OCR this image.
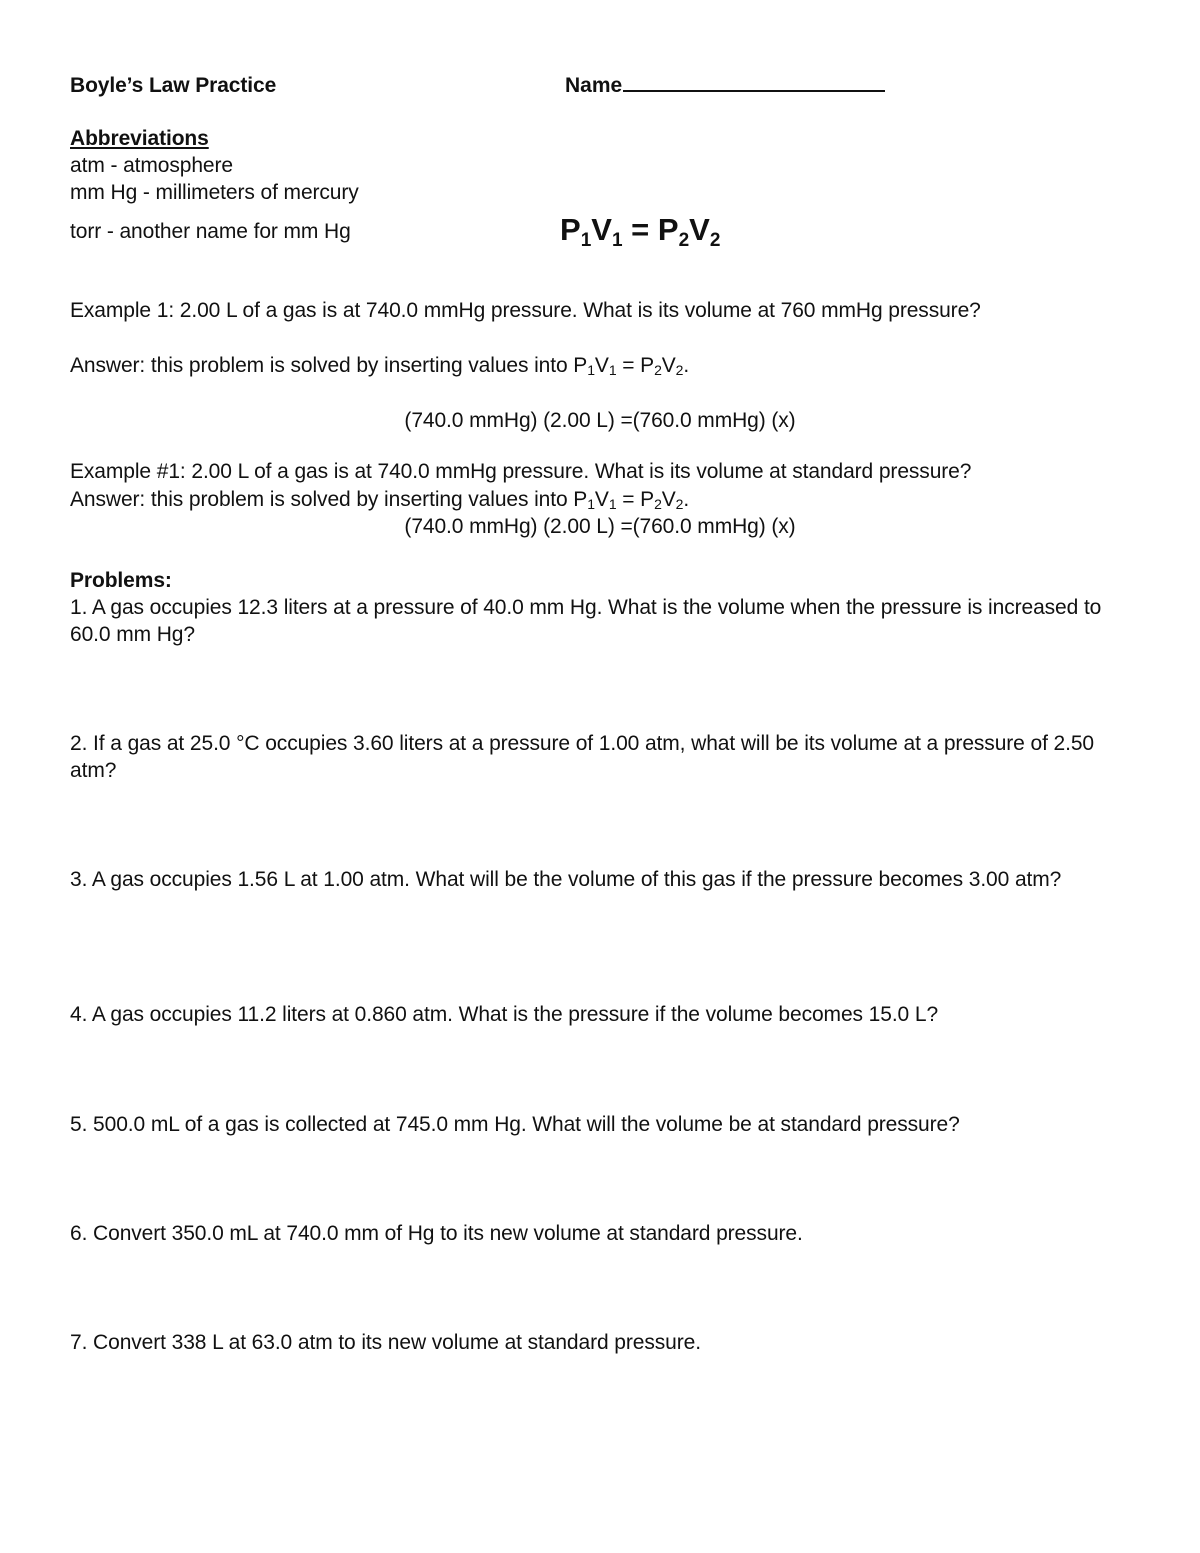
Boyle’s Law Practice	Name
Abbreviations
atm - atmosphere
mm Hg - millimeters of mercury
torr - another name for mm Hg	$P_1V_1 = P_2V_2$
Example 1: 2.00 L of a gas is at 740.0 mmHg pressure. What is its volume at 760 mmHg pressure?
Answer: this problem is solved by inserting values into $P_1V_1 = P_2V_2$.
(740.0 mmHg) (2.00 L) =(760.0 mmHg) (x)
Example #1: 2.00 L of a gas is at 740.0 mmHg pressure. What is its volume at standard pressure?
Answer: this problem is solved by inserting values into $P_1V_1 = P_2V_2$.
(740.0 mmHg) (2.00 L) =(760.0 mmHg) (x)
Problems:
1. A gas occupies 12.3 liters at a pressure of 40.0 mm Hg. What is the volume when the pressure is increased to 60.0 mm Hg?
2. If a gas at 25.0 °C occupies 3.60 liters at a pressure of 1.00 atm, what will be its volume at a pressure of 2.50 atm?
3. A gas occupies 1.56 L at 1.00 atm. What will be the volume of this gas if the pressure becomes 3.00 atm?
4. A gas occupies 11.2 liters at 0.860 atm. What is the pressure if the volume becomes 15.0 L?
5. 500.0 mL of a gas is collected at 745.0 mm Hg. What will the volume be at standard pressure?
6. Convert 350.0 mL at 740.0 mm of Hg to its new volume at standard pressure.
7. Convert 338 L at 63.0 atm to its new volume at standard pressure.
